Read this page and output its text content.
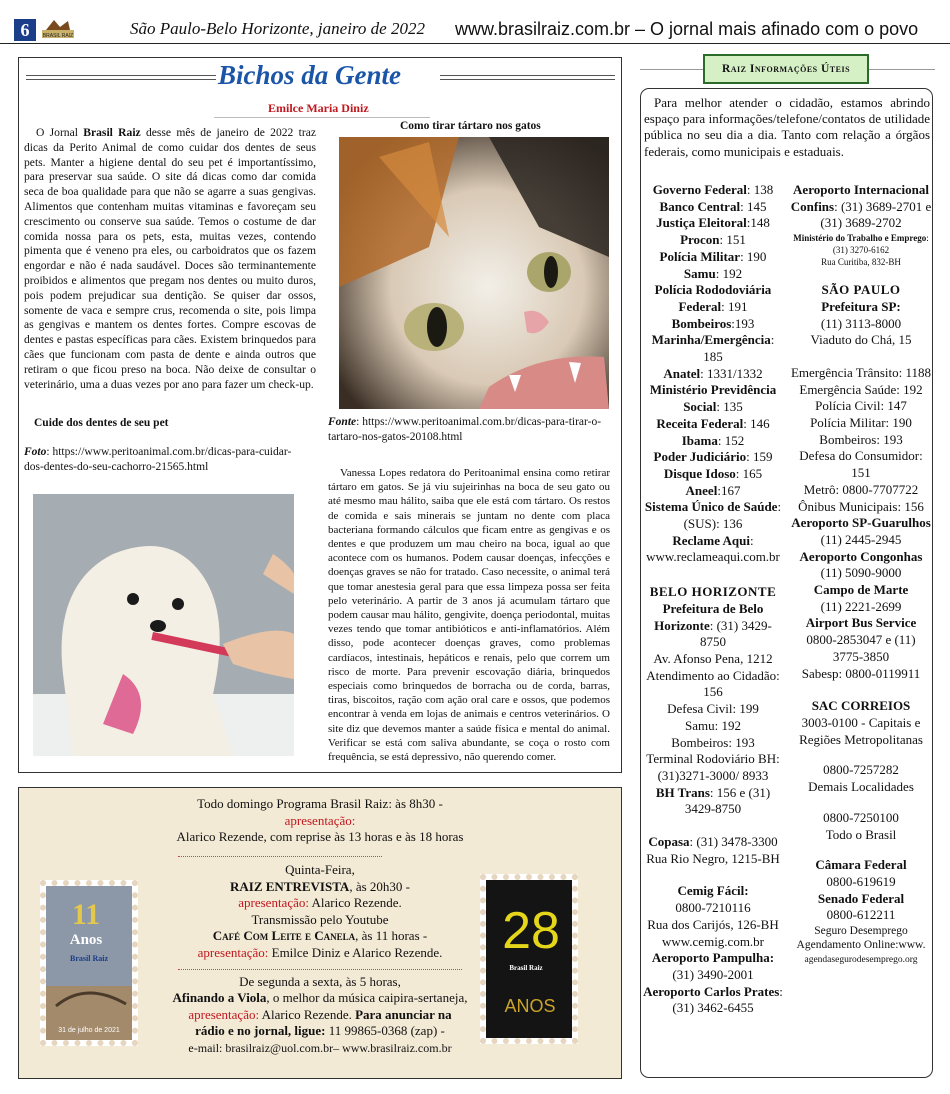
6	BRASIL RAIZ	São Paulo-Belo Horizonte, janeiro de 2022 www.brasilraiz.com.br – O jornal mais afinado com o povo
Bichos da Gente
Emilce Maria Diniz
O Jornal Brasil Raiz desse mês de janeiro de 2022 traz dicas da Perito Animal de como cuidar dos dentes de seus pets. Manter a higiene dental do seu pet é importantíssimo, para preservar sua saúde. O site dá dicas como dar comida seca de boa qualidade para que não se agarre a suas gengivas. Alimentos que contenham muitas vitaminas e favoreçam seu crescimento ou conserve sua saúde. Temos o costume de dar comida nossa para os pets, esta, muitas vezes, contendo pimenta que é veneno pra eles, ou carboidratos que os fazem engordar e não é nada saudável. Doces são terminantemente proibidos e alimentos que pregam nos dentes ou muito duros, pois podem prejudicar sua dentição. Se quiser dar ossos, somente de vaca e sempre crus, recomenda o site, pois limpa as gengivas e mantem os dentes fortes. Compre escovas de dentes e pastas específicas para cães. Existem brinquedos para cães que funcionam com pasta de dente e ainda outros que retiram o que ficou preso na boca. Não deixe de consultar o veterinário, uma a duas vezes por ano para fazer um check-up.
Cuide dos dentes de seu pet
Foto: https://www.peritoanimal.com.br/dicas-para-cuidar-dos-dentes-do-seu-cachorro-21565.html
Como tirar tártaro nos gatos
Fonte: https://www.peritoanimal.com.br/dicas-para-tirar-o-tartaro-nos-gatos-20108.html
Vanessa Lopes redatora do Peritoanimal ensina como retirar tártaro em gatos. Se já viu sujeirinhas na boca de seu gato ou até mesmo mau hálito, saiba que ele está com tártaro. Os restos de comida e sais minerais se juntam no dente com placa bacteriana formando cálculos que ficam entre as gengivas e os dentes e que produzem um mau cheiro na boca, igual ao que acontece com os humanos. Podem causar doenças, infecções e doenças graves se não for tratado. Caso necessite, o animal terá que tomar anestesia geral para que essa limpeza possa ser feita pelo veterinário. A partir de 3 anos já acumulam tártaro que podem causar mau hálito, gengivite, doença periodontal, muitas vezes tendo que tomar antibióticos e anti-inflamatórios. Além disso, pode acontecer doenças graves, como problemas cardíacos, intestinais, hepáticos e renais, pelo que correm um risco de morte. Para prevenir escovação diária, brinquedos especiais como brinquedos de borracha ou de corda, barras, tiras, biscoitos, ração com ação oral care e ossos, que podemos encontrar à venda em lojas de animais e centros veterinários. O site diz que devemos manter a saúde física e mental do animal. Verificar se está com saliva abundante, se coça o rosto com frequência, se está depressivo, não querendo comer.
Todo domingo Programa Brasil Raiz: às 8h30 -
apresentação:
Alarico Rezende, com reprise às 13 horas e às 18 horas
Quinta-Feira,
RAIZ ENTREVISTA, às 20h30 -
apresentação: Alarico Rezende.
Transmissão pelo Youtube
Café Com Leite e Canela, às 11 horas -
apresentação: Emilce Diniz e Alarico Rezende.
De segunda a sexta, às 5 horas,
Afinando a Viola, o melhor da música caipira-sertaneja, apresentação: Alarico Rezende. Para anunciar na rádio e no jornal, ligue: 11 99865-0368 (zap) -
e-mail: brasilraiz@uol.com.br– www.brasilraiz.com.br
11
Anos
Brasil Raiz
31 de julho de 2021
28
Brasil Raiz
ANOS
Raiz Informações Úteis
Para melhor atender o cidadão, estamos abrindo espaço para informações/telefone/contatos de utilidade pública no seu dia a dia. Tanto com relação a órgãos federais, como municipais e estaduais.
Governo Federal: 138
Banco Central: 145
Justiça Eleitoral:148
Procon: 151
Polícia Militar: 190
Samu: 192
Polícia Rododoviária Federal: 191
Bombeiros:193
Marinha/Emergência: 185
Anatel: 1331/1332
Ministério Previdência Social: 135
Receita Federal: 146
Ibama: 152
Poder Judiciário: 159
Disque Idoso: 165
Aneel:167
Sistema Único de Saúde: (SUS): 136
Reclame Aqui:
www.reclameaqui.com.br
BELO HORIZONTE
Prefeitura de Belo Horizonte: (31) 3429-8750
Av. Afonso Pena, 1212
Atendimento ao Cidadão: 156
Defesa Civil: 199
Samu: 192
Bombeiros: 193
Terminal Rodoviário BH: (31)3271-3000/ 8933
BH Trans: 156 e (31) 3429-8750
Copasa: (31) 3478-3300
Rua Rio Negro, 1215-BH
Cemig Fácil:
0800-7210116
Rua dos Carijós, 126-BH
www.cemig.com.br
Aeroporto Pampulha:
(31) 3490-2001
Aeroporto Carlos Prates: (31) 3462-6455
Aeroporto Internacional Confins: (31) 3689-2701 e (31) 3689-2702
Ministério do Trabalho e Emprego: (31) 3270-6162
Rua Curitiba, 832-BH
SÃO PAULO
Prefeitura SP:
(11) 3113-8000
Viaduto do Chá, 15
Emergência Trânsito: 1188
Emergência Saúde: 192
Polícia Civil: 147
Polícia Militar: 190
Bombeiros: 193
Defesa do Consumidor: 151
Metrô: 0800-7707722
Ônibus Municipais: 156
Aeroporto SP-Guarulhos
(11) 2445-2945
Aeroporto Congonhas
(11) 5090-9000
Campo de Marte
(11) 2221-2699
Airport Bus Service
0800-2853047 e (11) 3775-3850
Sabesp: 0800-0119911
SAC CORREIOS
3003-0100 - Capitais e Regiões Metropolitanas
0800-7257282
Demais Localidades
0800-7250100
Todo o Brasil
Câmara Federal
0800-619619
Senado Federal
0800-612211
Seguro Desemprego Agendamento Online:www.
agendasegurodesemprego.org
